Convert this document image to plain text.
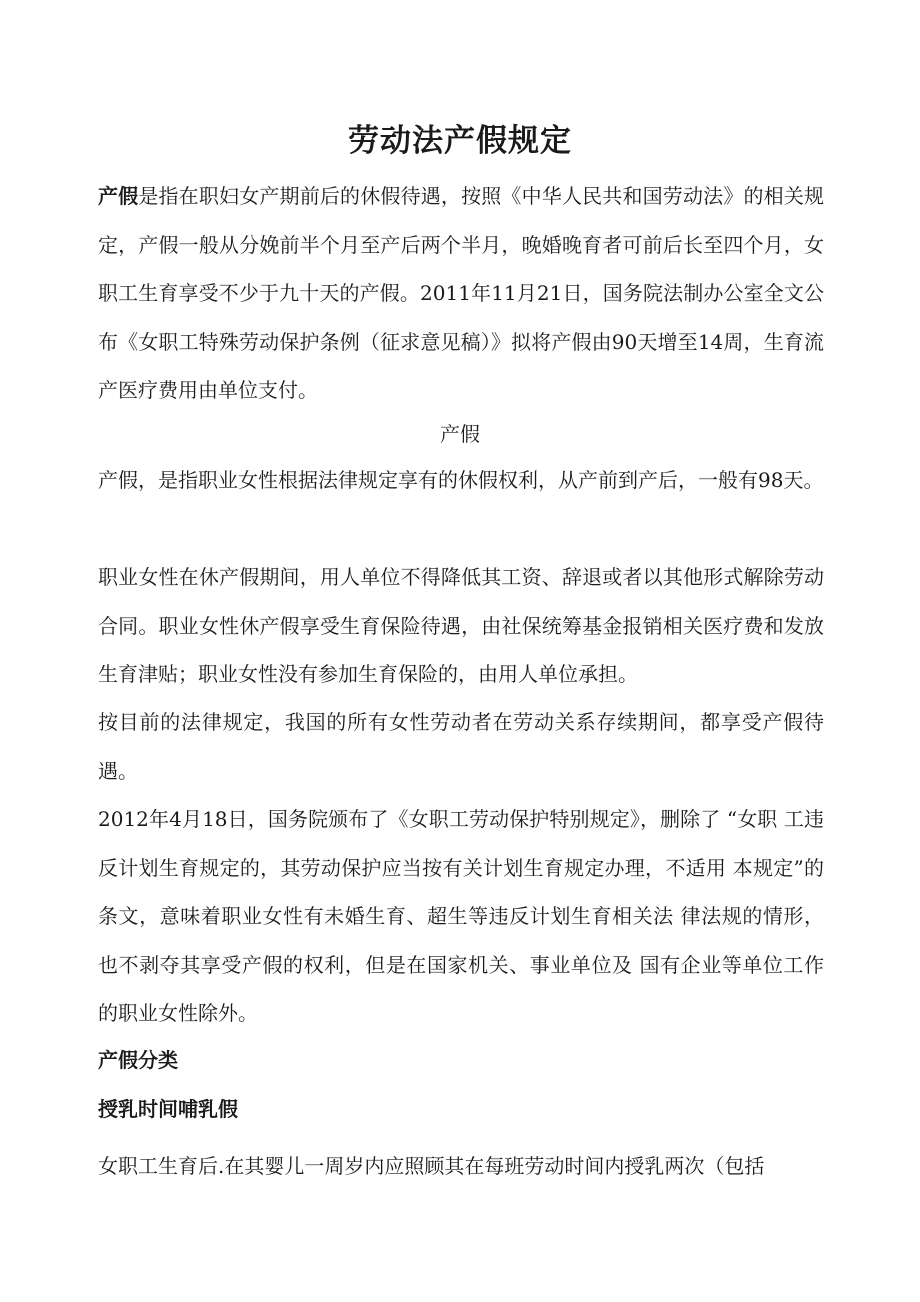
劳动法产假规定

产假是指在职妇女产期前后的休假待遇，按照《中华人民共和国劳动法》的相关规定，产假一般从分娩前半个月至产后两个半月，晚婚晚育者可前后长至四个月，女职工生育享受不少于九十天的产假。2011年11月21日，国务院法制办公室全文公布《女职工特殊劳动保护条例（征求意见稿）》拟将产假由90天增至14周，生育流产医疗费用由单位支付。

产假

产假，是指职业女性根据法律规定享有的休假权利，从产前到产后，一般有98天。

职业女性在休产假期间，用人单位不得降低其工资、辞退或者以其他形式解除劳动合同。职业女性休产假享受生育保险待遇，由社保统筹基金报销相关医疗费和发放生育津贴；职业女性没有参加生育保险的，由用人单位承担。

按目前的法律规定，我国的所有女性劳动者在劳动关系存续期间，都享受产假待遇。

2012年4月18日，国务院颁布了《女职工劳动保护特别规定》，删除了 “女职 工违反计划生育规定的，其劳动保护应当按有关计划生育规定办理，不适用 本规定”的条文，意味着职业女性有未婚生育、超生等违反计划生育相关法 律法规的情形，也不剥夺其享受产假的权利，但是在国家机关、事业单位及 国有企业等单位工作的职业女性除外。

产假分类
授乳时间哺乳假

女职工生育后.在其婴儿一周岁内应照顾其在每班劳动时间内授乳两次（包括
